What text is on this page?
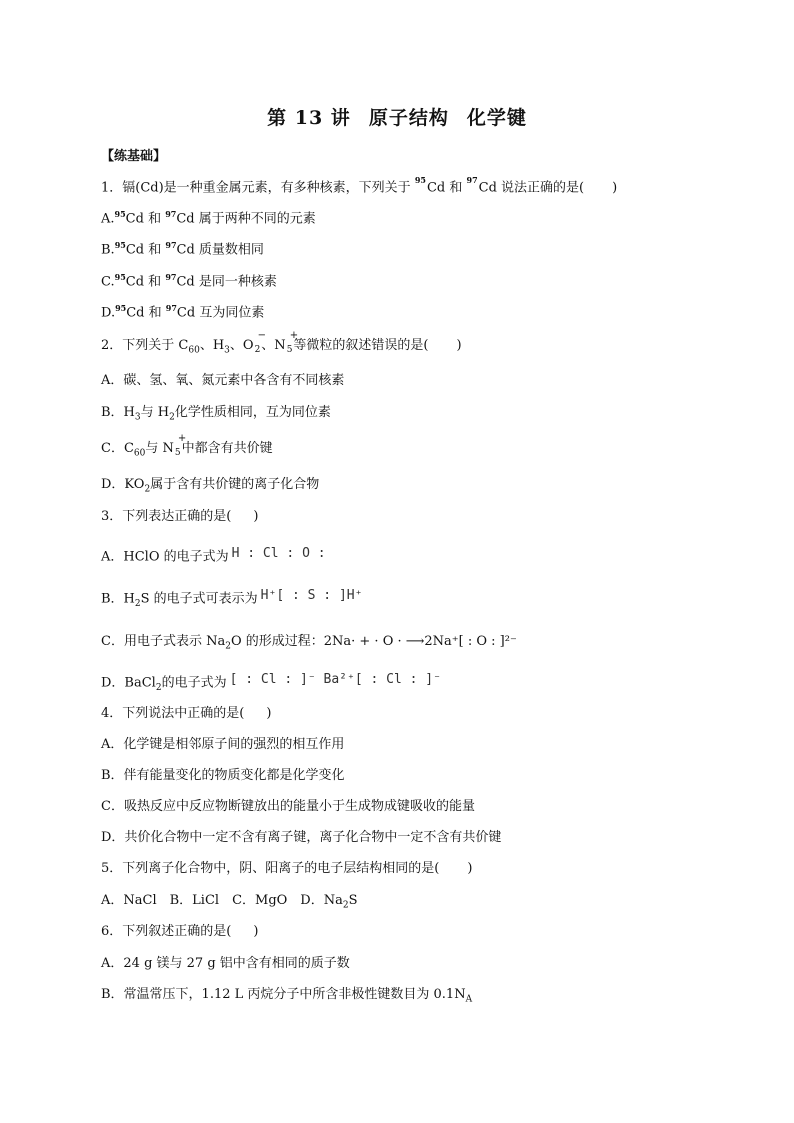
第 13 讲 原子结构 化学键
【练基础】
1．镉(Cd)是一种重金属元素，有多种核素，下列关于 $^{95}$Cd 和 $^{97}$Cd 说法正确的是( )
A.$^{95}$Cd 和 $^{97}$Cd 属于两种不同的元素
B.$^{95}$Cd 和 $^{97}$Cd 质量数相同
C.$^{95}$Cd 和 $^{97}$Cd 是同一种核素
D.$^{95}$Cd 和 $^{97}$Cd 互为同位素
2．下列关于 $C_{60}$、$H_3$、O
−
$_2$、N
+
$_5$等微粒的叙述错误的是( )
A．碳、氢、氧、氮元素中各含有不同核素
B．$H_3$与 $H_2$化学性质相同，互为同位素
C．$C_{60}$与 N
+
$_5$中都含有共价键
D．$KO_2$属于含有共价键的离子化合物
3．下列表达正确的是( )
A．HClO 的电子式为 H : Cl : O :
B．$H_2S$ 的电子式可表示为 H⁺[ : S : ]H⁺
C．用电子式表示 $Na_2O$ 的形成过程：2Na· + · O · ⟶2Na⁺[ : O : ]²⁻
D．BaCl$_2$的电子式为 [ : Cl : ]⁻ Ba²⁺[ : Cl : ]⁻
4．下列说法中正确的是( )
A．化学键是相邻原子间的强烈的相互作用
B．伴有能量变化的物质变化都是化学变化
C．吸热反应中反应物断键放出的能量小于生成物成键吸收的能量
D．共价化合物中一定不含有离子键，离子化合物中一定不含有共价键
5．下列离子化合物中，阴、阳离子的电子层结构相同的是( )
A．NaCl　B．LiCl　C．MgO　D．$Na_2S$
6．下列叙述正确的是( )
A．24 g 镁与 27 g 铝中含有相同的质子数
B．常温常压下，1.12 L 丙烷分子中所含非极性键数目为 $0.1N_A$
